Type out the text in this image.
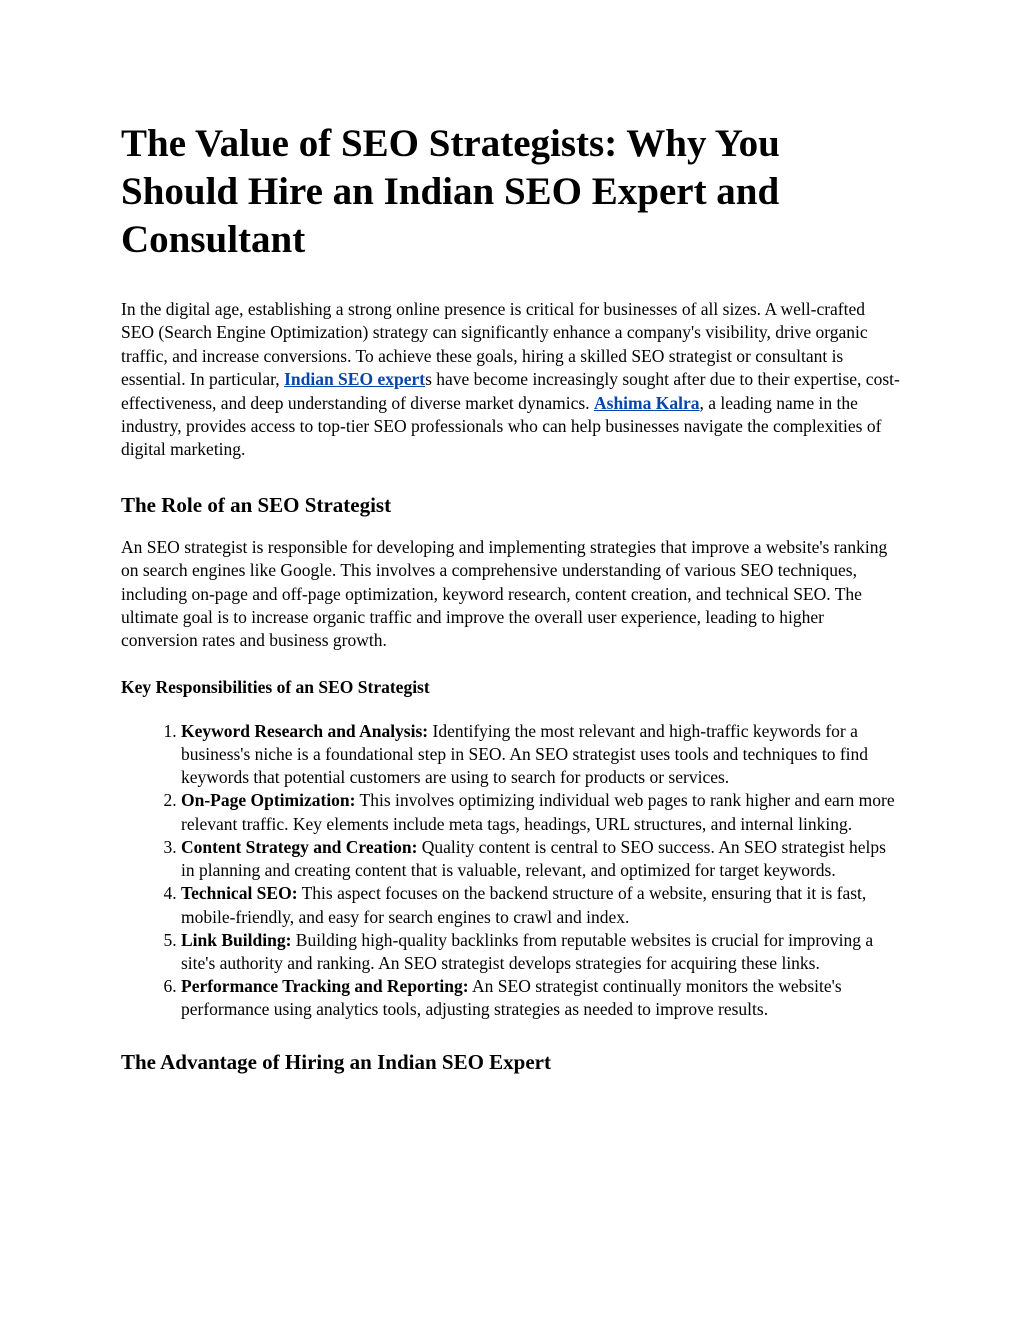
The Value of SEO Strategists: Why You Should Hire an Indian SEO Expert and Consultant

In the digital age, establishing a strong online presence is critical for businesses of all sizes. A well-crafted SEO (Search Engine Optimization) strategy can significantly enhance a company's visibility, drive organic traffic, and increase conversions. To achieve these goals, hiring a skilled SEO strategist or consultant is essential. In particular, Indian SEO experts have become increasingly sought after due to their expertise, cost-effectiveness, and deep understanding of diverse market dynamics. Ashima Kalra, a leading name in the industry, provides access to top-tier SEO professionals who can help businesses navigate the complexities of digital marketing.

The Role of an SEO Strategist

An SEO strategist is responsible for developing and implementing strategies that improve a website's ranking on search engines like Google. This involves a comprehensive understanding of various SEO techniques, including on-page and off-page optimization, keyword research, content creation, and technical SEO. The ultimate goal is to increase organic traffic and improve the overall user experience, leading to higher conversion rates and business growth.

Key Responsibilities of an SEO Strategist
1. Keyword Research and Analysis: Identifying the most relevant and high-traffic keywords for a business's niche is a foundational step in SEO. An SEO strategist uses tools and techniques to find keywords that potential customers are using to search for products or services.
2. On-Page Optimization: This involves optimizing individual web pages to rank higher and earn more relevant traffic. Key elements include meta tags, headings, URL structures, and internal linking.
3. Content Strategy and Creation: Quality content is central to SEO success. An SEO strategist helps in planning and creating content that is valuable, relevant, and optimized for target keywords.
4. Technical SEO: This aspect focuses on the backend structure of a website, ensuring that it is fast, mobile-friendly, and easy for search engines to crawl and index.
5. Link Building: Building high-quality backlinks from reputable websites is crucial for improving a site's authority and ranking. An SEO strategist develops strategies for acquiring these links.
6. Performance Tracking and Reporting: An SEO strategist continually monitors the website's performance using analytics tools, adjusting strategies as needed to improve results.
The Advantage of Hiring an Indian SEO Expert
